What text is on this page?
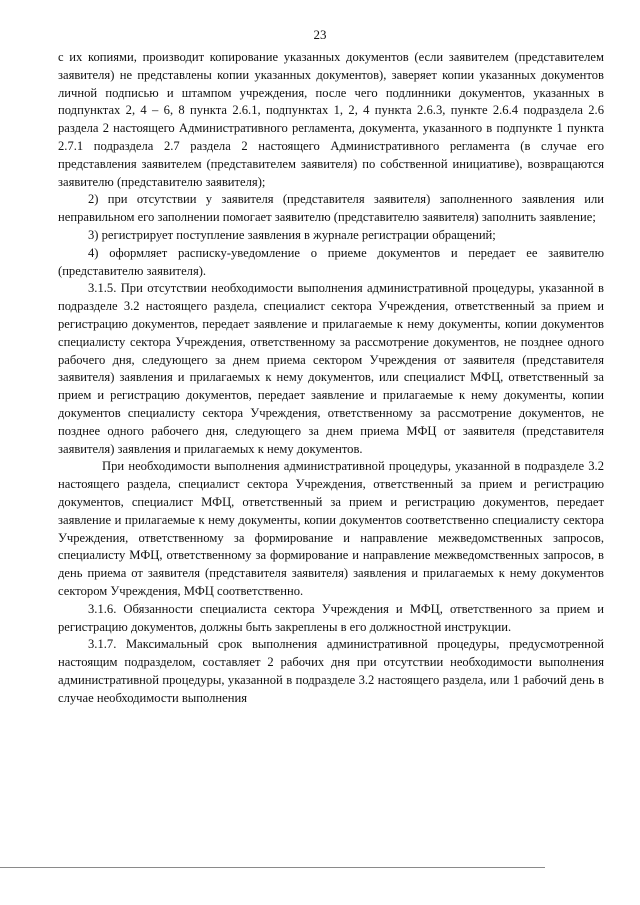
23

с их копиями, производит копирование указанных документов (если заявителем (представителем заявителя) не представлены копии указанных документов), заверяет копии указанных документов личной подписью и штампом учреждения, после чего подлинники документов, указанных в подпунктах 2, 4 – 6, 8 пункта 2.6.1, подпунктах 1, 2, 4 пункта 2.6.3, пункте 2.6.4 подраздела 2.6 раздела 2 настоящего Административного регламента, документа, указанного в подпункте 1 пункта 2.7.1 подраздела 2.7 раздела 2 настоящего Административного регламента (в случае его представления заявителем (представителем заявителя) по собственной инициативе), возвращаются заявителю (представителю заявителя);

2) при отсутствии у заявителя (представителя заявителя) заполненного заявления или неправильном его заполнении помогает заявителю (представителю заявителя) заполнить заявление;

3) регистрирует поступление заявления в журнале регистрации обращений;

4) оформляет расписку-уведомление о приеме документов и передает ее заявителю (представителю заявителя).

3.1.5. При отсутствии необходимости выполнения административной процедуры, указанной в подразделе 3.2 настоящего раздела, специалист сектора Учреждения, ответственный за прием и регистрацию документов, передает заявление и прилагаемые к нему документы, копии документов специалисту сектора Учреждения, ответственному за рассмотрение документов, не позднее одного рабочего дня, следующего за днем приема сектором Учреждения от заявителя (представителя заявителя) заявления и прилагаемых к нему документов, или специалист МФЦ, ответственный за прием и регистрацию документов, передает заявление и прилагаемые к нему документы, копии документов специалисту сектора Учреждения, ответственному за рассмотрение документов, не позднее одного рабочего дня, следующего за днем приема МФЦ от заявителя (представителя заявителя) заявления и прилагаемых к нему документов.

При необходимости выполнения административной процедуры, указанной в подразделе 3.2 настоящего раздела, специалист сектора Учреждения, ответственный за прием и регистрацию документов, специалист МФЦ, ответственный за прием и регистрацию документов, передает заявление и прилагаемые к нему документы, копии документов соответственно специалисту сектора Учреждения, ответственному за формирование и направление межведомственных запросов, специалисту МФЦ, ответственному за формирование и направление межведомственных запросов, в день приема от заявителя (представителя заявителя) заявления и прилагаемых к нему документов сектором Учреждения, МФЦ соответственно.

3.1.6. Обязанности специалиста сектора Учреждения и МФЦ, ответственного за прием и регистрацию документов, должны быть закреплены в его должностной инструкции.

3.1.7. Максимальный срок выполнения административной процедуры, предусмотренной настоящим подразделом, составляет 2 рабочих дня при отсутствии необходимости выполнения административной процедуры, указанной в подразделе 3.2 настоящего раздела, или 1 рабочий день в случае необходимости выполнения
